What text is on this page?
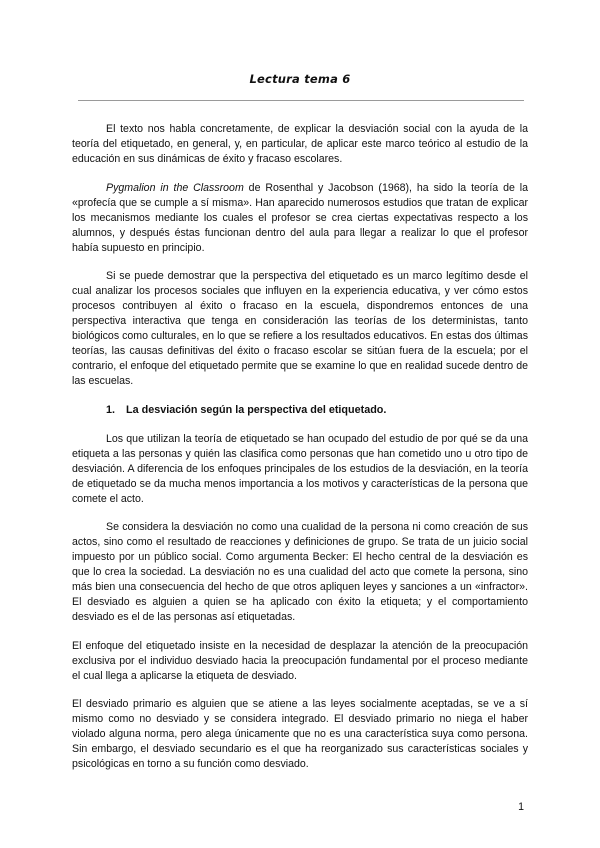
Lectura tema 6

El texto nos habla concretamente, de explicar la desviación social con la ayuda de la teoría del etiquetado, en general, y, en particular, de aplicar este marco teórico al estudio de la educación en sus dinámicas de éxito y fracaso escolares.

Pygmalion in the Classroom de Rosenthal y Jacobson (1968), ha sido la teoría de la «profecía que se cumple a sí misma». Han aparecido numerosos estudios que tratan de explicar los mecanismos mediante los cuales el profesor se crea ciertas expectativas respecto a los alumnos, y después éstas funcionan dentro del aula para llegar a realizar lo que el profesor había supuesto en principio.

Si se puede demostrar que la perspectiva del etiquetado es un marco legítimo desde el cual analizar los procesos sociales que influyen en la experiencia educativa, y ver cómo estos procesos contribuyen al éxito o fracaso en la escuela, dispondremos entonces de una perspectiva interactiva que tenga en consideración las teorías de los deterministas, tanto biológicos como culturales, en lo que se refiere a los resultados educativos. En estas dos últimas teorías, las causas definitivas del éxito o fracaso escolar se sitúan fuera de la escuela; por el contrario, el enfoque del etiquetado permite que se examine lo que en realidad sucede dentro de las escuelas.

1. La desviación según la perspectiva del etiquetado.

Los que utilizan la teoría de etiquetado se han ocupado del estudio de por qué se da una etiqueta a las personas y quién las clasifica como personas que han cometido uno u otro tipo de desviación. A diferencia de los enfoques principales de los estudios de la desviación, en la teoría de etiquetado se da mucha menos importancia a los motivos y características de la persona que comete el acto.

Se considera la desviación no como una cualidad de la persona ni como creación de sus actos, sino como el resultado de reacciones y definiciones de grupo. Se trata de un juicio social impuesto por un público social. Como argumenta Becker: El hecho central de la desviación es que lo crea la sociedad. La desviación no es una cualidad del acto que comete la persona, sino más bien una consecuencia del hecho de que otros apliquen leyes y sanciones a un «infractor». El desviado es alguien a quien se ha aplicado con éxito la etiqueta; y el comportamiento desviado es el de las personas así etiquetadas.

El enfoque del etiquetado insiste en la necesidad de desplazar la atención de la preocupación exclusiva por el individuo desviado hacia la preocupación fundamental por el proceso mediante el cual llega a aplicarse la etiqueta de desviado.

El desviado primario es alguien que se atiene a las leyes socialmente aceptadas, se ve a sí mismo como no desviado y se considera integrado. El desviado primario no niega el haber violado alguna norma, pero alega únicamente que no es una característica suya como persona. Sin embargo, el desviado secundario es el que ha reorganizado sus características sociales y psicológicas en torno a su función como desviado.

1
